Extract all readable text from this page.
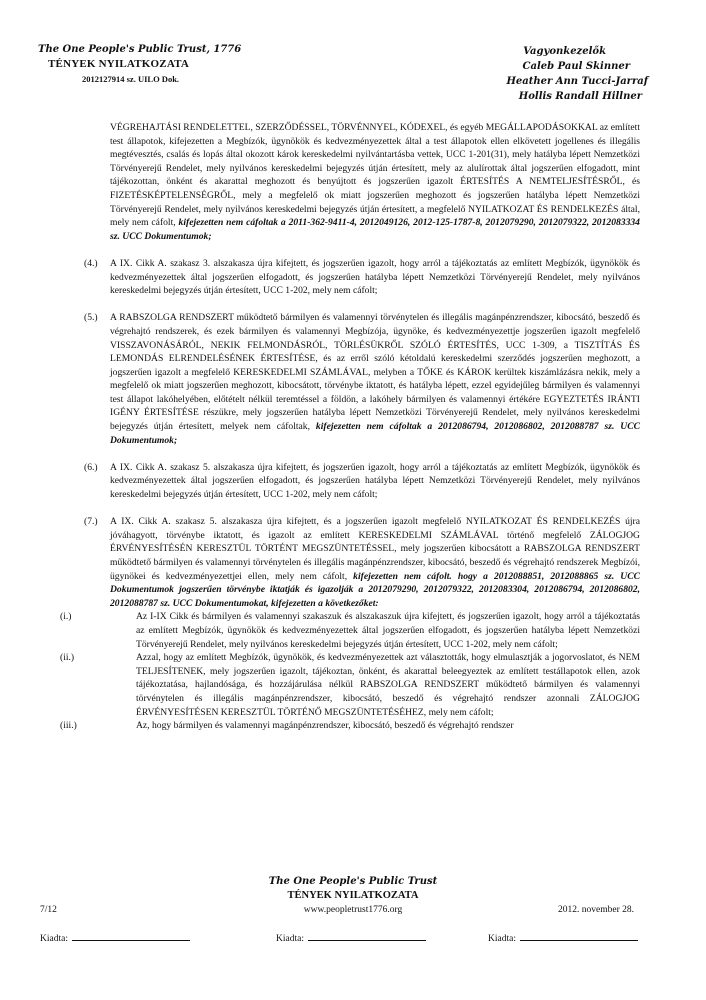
The One People's Public Trust, 1776
TÉNYEK NYILATKOZATA
2012127914 sz. UILO Dok.
Vagyonkezelők
Caleb Paul Skinner
Heather Ann Tucci-Jarraf
Hollis Randall Hillner

VÉGREHAJTÁSI RENDELETTEL, SZERZŐDÉSSEL, TÖRVÉNNYEL, KÓDEXEL, és egyéb MEGÁLLAPODÁSOKKAL az említett test állapotok, kifejezetten a Megbízók, ügynökök és kedvezményezettek által a test állapotok ellen elkövetett jogellenes és illegális megtévesztés, csalás és lopás által okozott károk kereskedelmi nyilvántartásba vettek, UCC 1-201(31), mely hatályba lépett Nemzetközi Törvényerejű Rendelet, mely nyilvános kereskedelmi bejegyzés útján értesített, mely az alulírottak által jogszerűen elfogadott, mint tájékozottan, önként és akarattal meghozott és benyújtott és jogszerűen igazolt ÉRTESÍTÉS A NEMTELJESÍTÉSRŐL, és FIZETÉSKÉPTELENSÉGRŐL, mely a megfelelő ok miatt jogszerűen meghozott és jogszerűen hatályba lépett Nemzetközi Törvényerejű Rendelet, mely nyilvános kereskedelmi bejegyzés útján értesített, a megfelelő NYILATKOZAT ÉS RENDELKEZÉS által, mely nem cáfolt, kifejezetten nem cáfoltak a 2011-362-9411-4, 2012049126, 2012-125-1787-8, 2012079290, 2012079322, 2012083334 sz. UCC Dokumentumok;

(4.) A IX. Cikk A. szakasz 3. alszakasza újra kifejtett, és jogszerűen igazolt, hogy arról a tájékoztatás az említett Megbízók, ügynökök és kedvezményezettek által jogszerűen elfogadott, és jogszerűen hatályba lépett Nemzetközi Törvényerejű Rendelet, mely nyilvános kereskedelmi bejegyzés útján értesített, UCC 1-202, mely nem cáfolt;

(5.) A RABSZOLGA RENDSZERT működtető bármilyen és valamennyi törvénytelen és illegális magánpénzrendszer, kibocsátó, beszedő és végrehajtó rendszerek, és ezek bármilyen és valamennyi Megbízója, ügynöke, és kedvezményezettje jogszerűen igazolt megfelelő VISSZAVONÁSÁRÓL, NEKIK FELMONDÁSRÓL, TÖRLÉSÜKRŐL SZÓLÓ ÉRTESÍTÉS, UCC 1-309, a TISZTÍTÁS ÉS LEMONDÁS ELRENDELÉSÉNEK ÉRTESÍTÉSE, és az erről szóló kétoldalú kereskedelmi szerződés jogszerűen meghozott, a jogszerűen igazolt a megfelelő KERESKEDELMI SZÁMLÁVAL, melyben a TŐKE és KÁROK kerültek kiszámlázásra nekik, mely a megfelelő ok miatt jogszerűen meghozott, kibocsátott, törvénybe iktatott, és hatályba lépett, ezzel egyidejűleg bármilyen és valamennyi test állapot lakóhelyében, előtételt nélkül teremtéssel a földön, a lakóhely bármilyen és valamennyi értékére EGYEZTETÉS IRÁNTI IGÉNY ÉRTESÍTÉSE részükre, mely jogszerűen hatályba lépett Nemzetközi Törvényerejű Rendelet, mely nyilvános kereskedelmi bejegyzés útján értesített, melyek nem cáfoltak, kifejezetten nem cáfoltak a 2012086794, 2012086802, 2012088787 sz. UCC Dokumentumok;

(6.) A IX. Cikk A. szakasz 5. alszakasza újra kifejtett, és jogszerűen igazolt, hogy arról a tájékoztatás az említett Megbízók, ügynökök és kedvezményezettek által jogszerűen elfogadott, és jogszerűen hatályba lépett Nemzetközi Törvényerejű Rendelet, mely nyilvános kereskedelmi bejegyzés útján értesített, UCC 1-202, mely nem cáfolt;

(7.) A IX. Cikk A. szakasz 5. alszakasza újra kifejtett, és a jogszerűen igazolt megfelelő NYILATKOZAT ÉS RENDELKEZÉS újra jóváhagyott, törvénybe iktatott, és igazolt az említett KERESKEDELMI SZÁMLÁVAL történő megfelelő ZÁLOGJOG ÉRVÉNYESÍTÉSÉN KERESZTÜL TÖRTÉNT MEGSZÜNTETÉSSEL, mely jogszerűen kibocsátott a RABSZOLGA RENDSZERT működtető bármilyen és valamennyi törvénytelen és illegális magánpénzrendszer, kibocsátó, beszedő és végrehajtó rendszerek Megbízói, ügynökei és kedvezményezettjei ellen, mely nem cáfolt, kifejezetten nem cáfolt. hogy a 2012088851, 2012088865 sz. UCC Dokumentumok jogszerűen törvénybe iktatják és igazolják a 2012079290, 2012079322, 2012083304, 2012086794, 2012086802, 2012088787 sz. UCC Dokumentumokat, kifejezetten a következőket:
(i.)	Az I-IX Cikk és bármilyen és valamennyi szakaszuk és alszakaszuk újra kifejtett, és jogszerűen igazolt, hogy arról a tájékoztatás az említett Megbízók, ügynökök és kedvezményezettek által jogszerűen elfogadott, és jogszerűen hatályba lépett Nemzetközi Törvényerejű Rendelet, mely nyilvános kereskedelmi bejegyzés útján értesített, UCC 1-202, mely nem cáfolt;
(ii.)	Azzal, hogy az említett Megbízók, ügynökök, és kedvezményezettek azt választották, hogy elmulasztják a jogorvoslatot, és NEM TELJESÍTENEK, mely jogszerűen igazolt, tájékoztan, önként, és akarattal beleegyeztek az említett testállapotok ellen, azok tájékoztatása, hajlandósága, és hozzájárulása nélkül RABSZOLGA RENDSZERT működtető bármilyen és valamennyi törvénytelen és illegális magánpénzrendszer, kibocsátó, beszedő és végrehajtó rendszer azonnali ZÁLOGJOG ÉRVÉNYESÍTÉSEN KERESZTÜL TÖRTÉNŐ MEGSZÜNTETÉSÉHEZ, mely nem cáfolt;
(iii.)	Az, hogy bármilyen és valamennyi magánpénzrendszer, kibocsátó, beszedő és végrehajtó rendszer
The One People's Public Trust
TÉNYEK NYILATKOZATA
7/12	www.peopletrust1776.org	2012. november 28.
Kiadta:	Kiadta:	Kiadta:
